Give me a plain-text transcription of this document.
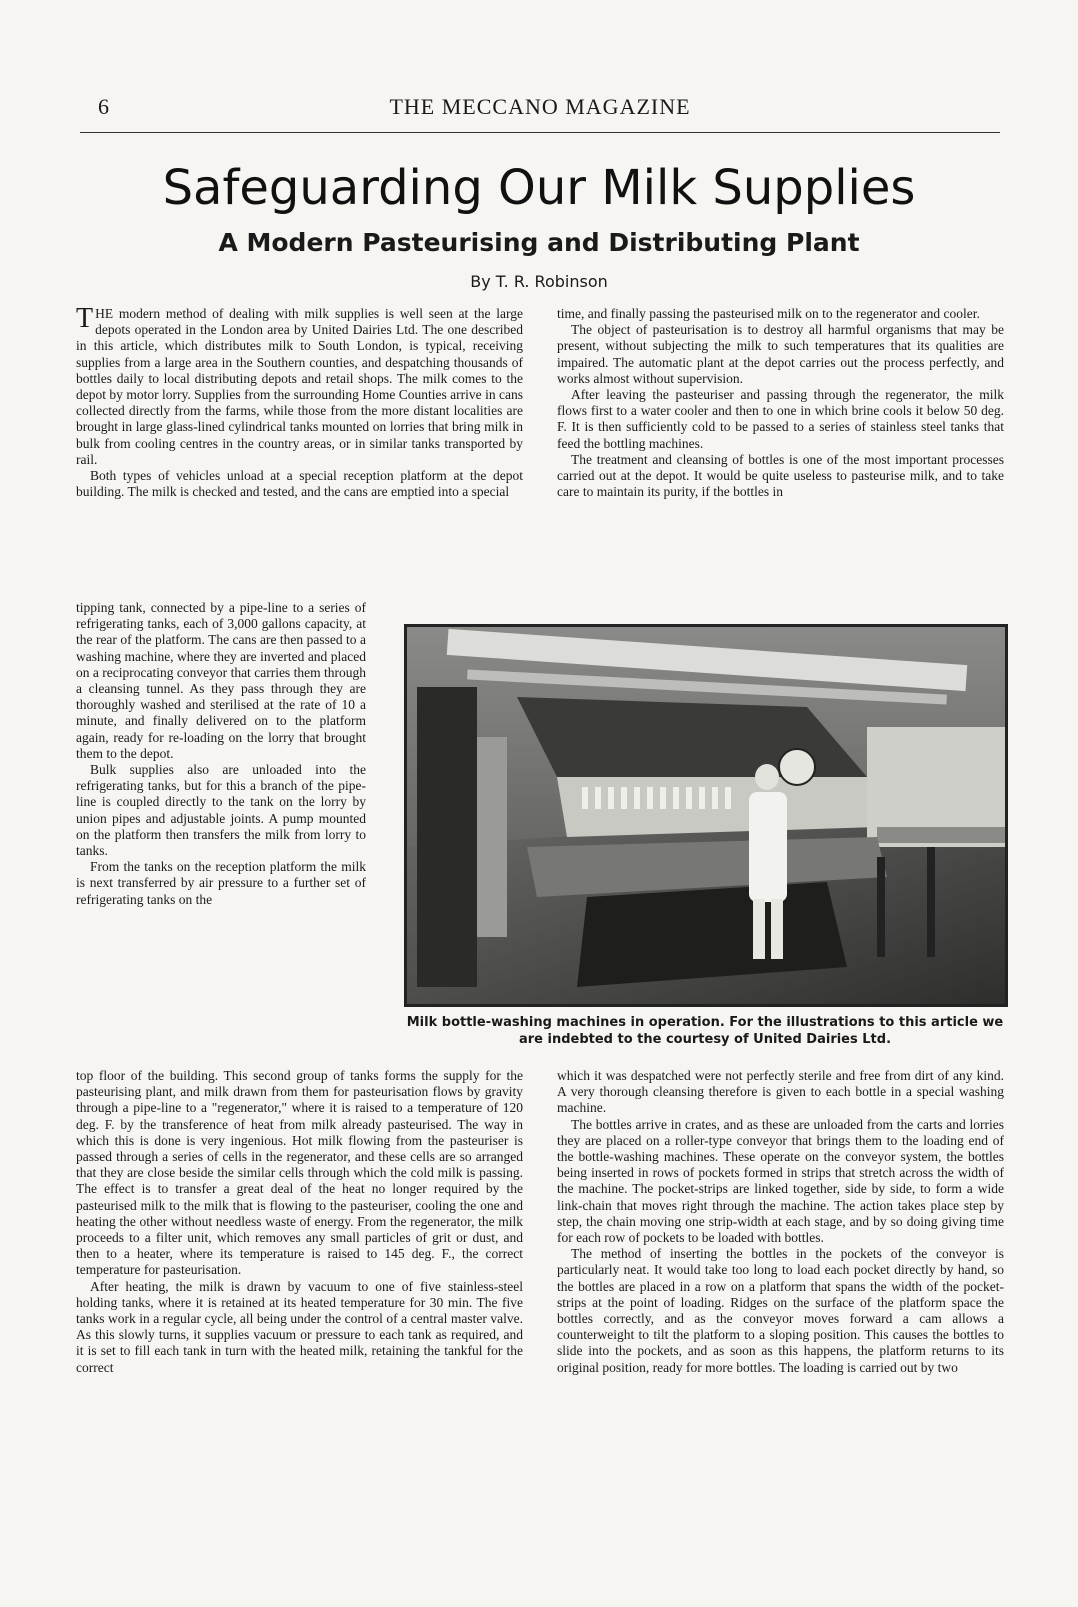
6	THE MECCANO MAGAZINE
Safeguarding Our Milk Supplies
A Modern Pasteurising and Distributing Plant
By T. R. Robinson

THE modern method of dealing with milk supplies is well seen at the large depots operated in the London area by United Dairies Ltd. The one described in this article, which distributes milk to South London, is typical, receiving supplies from a large area in the Southern counties, and despatching thousands of bottles daily to local distributing depots and retail shops. The milk comes to the depot by motor lorry. Supplies from the surrounding Home Counties arrive in cans collected directly from the farms, while those from the more distant localities are brought in large glass-lined cylindrical tanks mounted on lorries that bring milk in bulk from cooling centres in the country areas, or in similar tanks transported by rail.

Both types of vehicles unload at a special reception platform at the depot building. The milk is checked and tested, and the cans are emptied into a special

tipping tank, connected by a pipe-line to a series of refrigerating tanks, each of 3,000 gallons capacity, at the rear of the platform. The cans are then passed to a washing machine, where they are inverted and placed on a reciprocating conveyor that carries them through a cleansing tunnel. As they pass through they are thoroughly washed and sterilised at the rate of 10 a minute, and finally delivered on to the platform again, ready for re-loading on the lorry that brought them to the depot.

Bulk supplies also are unloaded into the refrigerating tanks, but for this a branch of the pipe-line is coupled directly to the tank on the lorry by union pipes and adjustable joints. A pump mounted on the platform then transfers the milk from lorry to tanks.

From the tanks on the reception platform the milk is next transferred by air pressure to a further set of refrigerating tanks on the

top floor of the building. This second group of tanks forms the supply for the pasteurising plant, and milk drawn from them for pasteurisation flows by gravity through a pipe-line to a "regenerator," where it is raised to a temperature of 120 deg. F. by the transference of heat from milk already pasteurised. The way in which this is done is very ingenious. Hot milk flowing from the pasteuriser is passed through a series of cells in the regenerator, and these cells are so arranged that they are close beside the similar cells through which the cold milk is passing. The effect is to transfer a great deal of the heat no longer required by the pasteurised milk to the milk that is flowing to the pasteuriser, cooling the one and heating the other without needless waste of energy. From the regenerator, the milk proceeds to a filter unit, which removes any small particles of grit or dust, and then to a heater, where its temperature is raised to 145 deg. F., the correct temperature for pasteurisation.

After heating, the milk is drawn by vacuum to one of five stainless-steel holding tanks, where it is retained at its heated temperature for 30 min. The five tanks work in a regular cycle, all being under the control of a central master valve. As this slowly turns, it supplies vacuum or pressure to each tank as required, and it is set to fill each tank in turn with the heated milk, retaining the tankful for the correct

time, and finally passing the pasteurised milk on to the regenerator and cooler.

The object of pasteurisation is to destroy all harmful organisms that may be present, without subjecting the milk to such temperatures that its qualities are impaired. The automatic plant at the depot carries out the process perfectly, and works almost without supervision.

After leaving the pasteuriser and passing through the regenerator, the milk flows first to a water cooler and then to one in which brine cools it below 50 deg. F. It is then sufficiently cold to be passed to a series of stainless steel tanks that feed the bottling machines.

The treatment and cleansing of bottles is one of the most important processes carried out at the depot. It would be quite useless to pasteurise milk, and to take care to maintain its purity, if the bottles in

Milk bottle-washing machines in operation. For the illustrations to this article we are indebted to the courtesy of United Dairies Ltd.

which it was despatched were not perfectly sterile and free from dirt of any kind. A very thorough cleansing therefore is given to each bottle in a special washing machine.

The bottles arrive in crates, and as these are unloaded from the carts and lorries they are placed on a roller-type conveyor that brings them to the loading end of the bottle-washing machines. These operate on the conveyor system, the bottles being inserted in rows of pockets formed in strips that stretch across the width of the machine. The pocket-strips are linked together, side by side, to form a wide link-chain that moves right through the machine. The action takes place step by step, the chain moving one strip-width at each stage, and by so doing giving time for each row of pockets to be loaded with bottles.

The method of inserting the bottles in the pockets of the conveyor is particularly neat. It would take too long to load each pocket directly by hand, so the bottles are placed in a row on a platform that spans the width of the pocket-strips at the point of loading. Ridges on the surface of the platform space the bottles correctly, and as the conveyor moves forward a cam allows a counterweight to tilt the platform to a sloping position. This causes the bottles to slide into the pockets, and as soon as this happens, the platform returns to its original position, ready for more bottles. The loading is carried out by two
